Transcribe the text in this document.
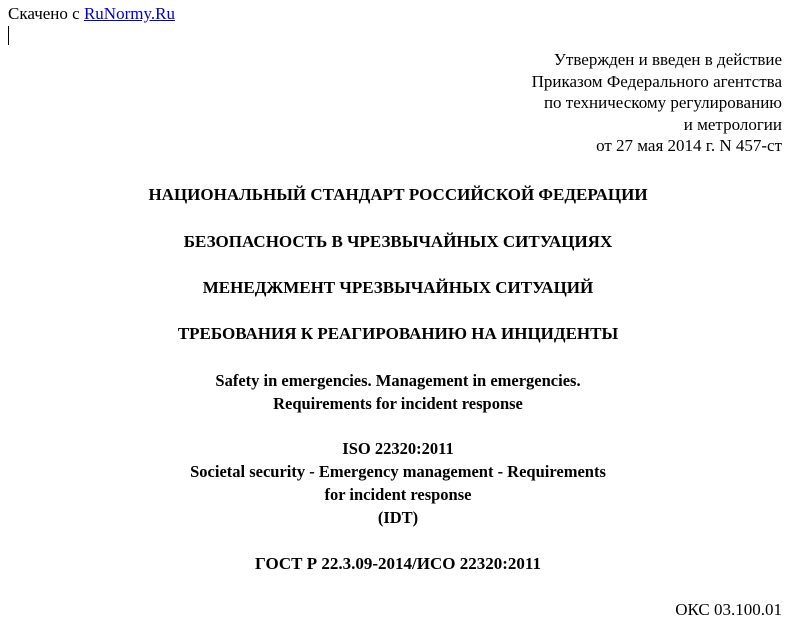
Скачено с RuNormy.Ru
Утвержден и введен в действие
Приказом Федерального агентства
по техническому регулированию
и метрологии
от 27 мая 2014 г. N 457-ст
НАЦИОНАЛЬНЫЙ СТАНДАРТ РОССИЙСКОЙ ФЕДЕРАЦИИ
БЕЗОПАСНОСТЬ В ЧРЕЗВЫЧАЙНЫХ СИТУАЦИЯХ
МЕНЕДЖМЕНТ ЧРЕЗВЫЧАЙНЫХ СИТУАЦИЙ
ТРЕБОВАНИЯ К РЕАГИРОВАНИЮ НА ИНЦИДЕНТЫ
Safety in emergencies. Management in emergencies.
Requirements for incident response
ISO 22320:2011
Societal security - Emergency management - Requirements
for incident response
(IDT)
ГОСТ Р 22.3.09-2014/ИСО 22320:2011
ОКС 03.100.01
